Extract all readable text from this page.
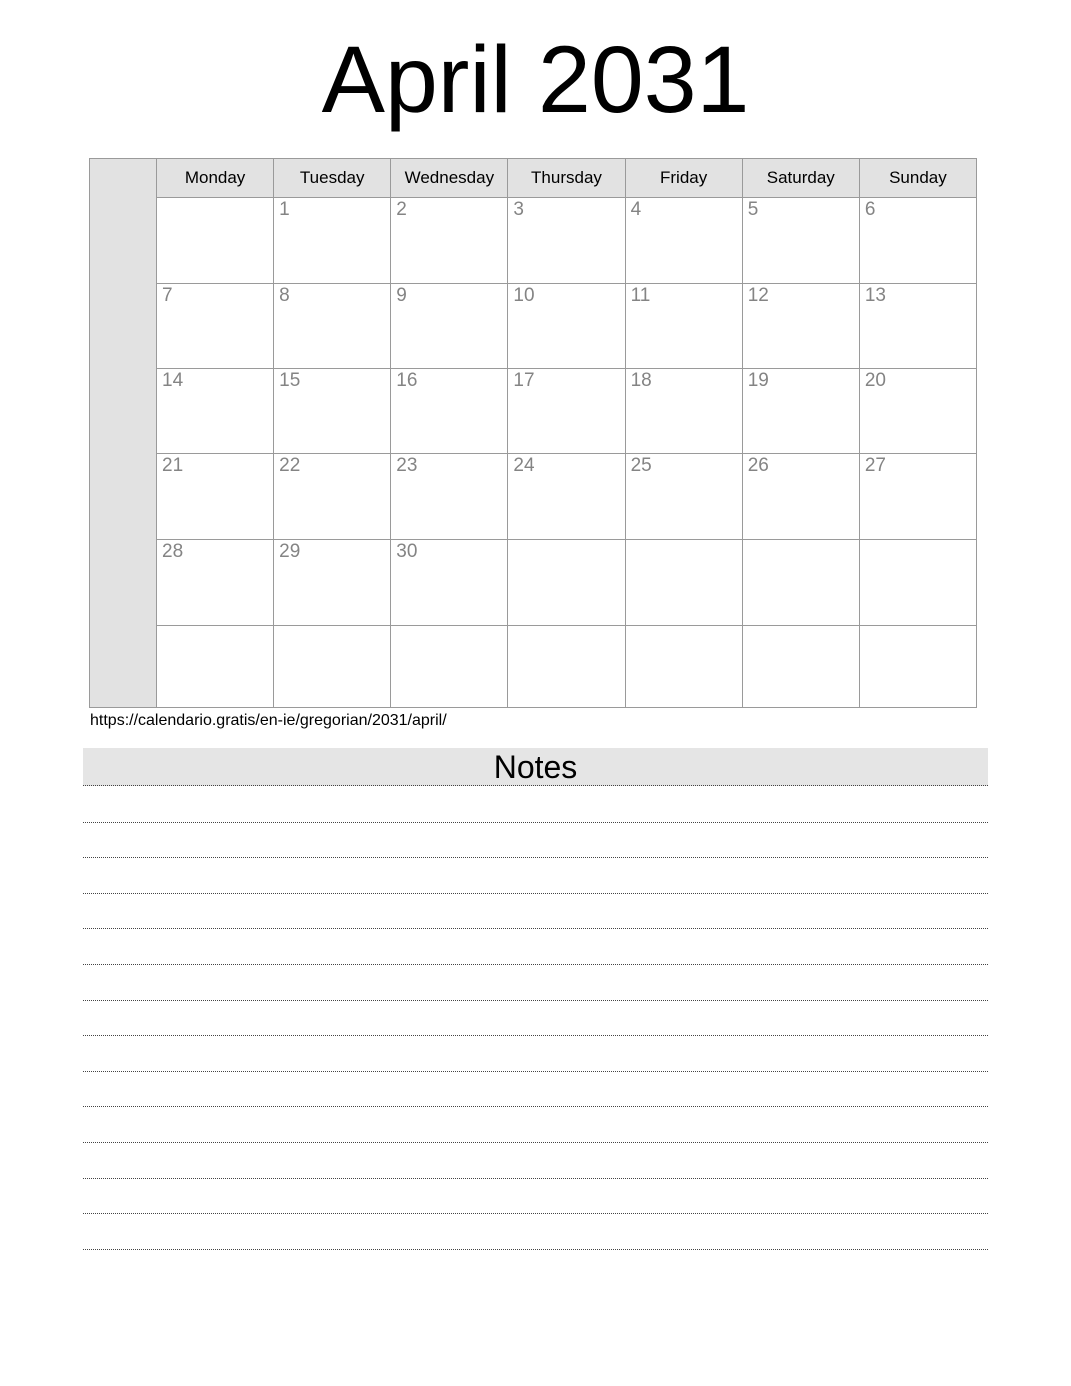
April 2031
	Monday	Tuesday	Wednesday	Thursday	Friday	Saturday	Sunday
		1	2	3	4	5	6
	7	8	9	10	11	12	13
	14	15	16	17	18	19	20
	21	22	23	24	25	26	27
	28	29	30				

https://calendario.gratis/en-ie/gregorian/2031/april/
Notes
